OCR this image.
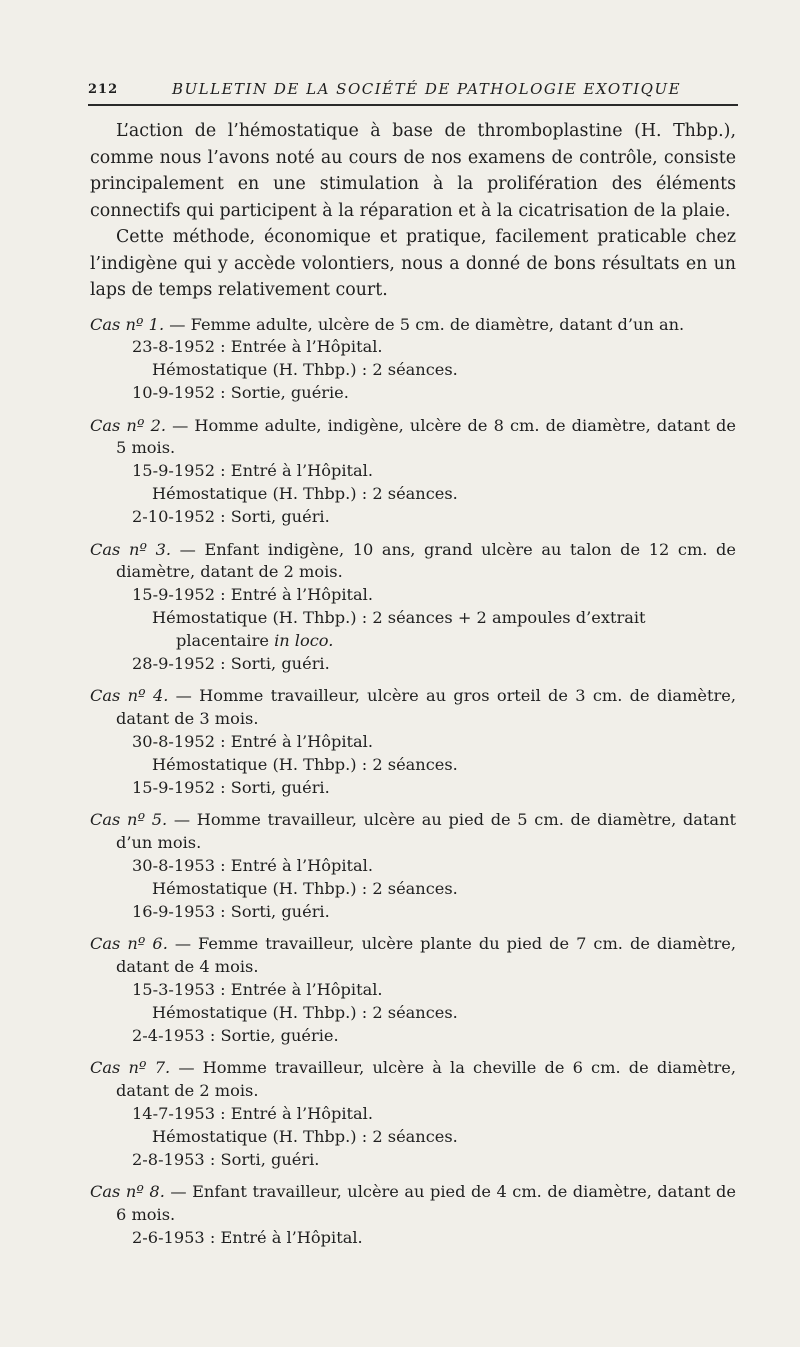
212	BULLETIN DE LA SOCIÉTÉ DE PATHOLOGIE EXOTIQUE

L’action de l’hémostatique à base de thromboplastine (H. Thbp.), comme nous l’avons noté au cours de nos examens de contrôle, consiste principalement en une stimulation à la prolifération des éléments connectifs qui participent à la réparation et à la cicatrisation de la plaie.

Cette méthode, économique et pratique, facilement praticable chez l’indigène qui y accède volontiers, nous a donné de bons résultats en un laps de temps relativement court.

Cas nº 1. — Femme adulte, ulcère de 5 cm. de diamètre, datant d’un an.
23-8-1952 : Entrée à l’Hôpital.
Hémostatique (H. Thbp.) : 2 séances.
10-9-1952 : Sortie, guérie.
Cas nº 2. — Homme adulte, indigène, ulcère de 8 cm. de diamètre, datant de 5 mois.
15-9-1952 : Entré à l’Hôpital.
Hémostatique (H. Thbp.) : 2 séances.
2-10-1952 : Sorti, guéri.
Cas nº 3. — Enfant indigène, 10 ans, grand ulcère au talon de 12 cm. de diamètre, datant de 2 mois.
15-9-1952 : Entré à l’Hôpital.
Hémostatique (H. Thbp.) : 2 séances + 2 ampoules d’extrait placentaire in loco.
28-9-1952 : Sorti, guéri.
Cas nº 4. — Homme travailleur, ulcère au gros orteil de 3 cm. de diamètre, datant de 3 mois.
30-8-1952 : Entré à l’Hôpital.
Hémostatique (H. Thbp.) : 2 séances.
15-9-1952 : Sorti, guéri.
Cas nº 5. — Homme travailleur, ulcère au pied de 5 cm. de diamètre, datant d’un mois.
30-8-1953 : Entré à l’Hôpital.
Hémostatique (H. Thbp.) : 2 séances.
16-9-1953 : Sorti, guéri.
Cas nº 6. — Femme travailleur, ulcère plante du pied de 7 cm. de diamètre, datant de 4 mois.
15-3-1953 : Entrée à l’Hôpital.
Hémostatique (H. Thbp.) : 2 séances.
2-4-1953 : Sortie, guérie.
Cas nº 7. — Homme travailleur, ulcère à la cheville de 6 cm. de diamètre, datant de 2 mois.
14-7-1953 : Entré à l’Hôpital.
Hémostatique (H. Thbp.) : 2 séances.
2-8-1953 : Sorti, guéri.
Cas nº 8. — Enfant travailleur, ulcère au pied de 4 cm. de diamètre, datant de 6 mois.
2-6-1953 : Entré à l’Hôpital.
